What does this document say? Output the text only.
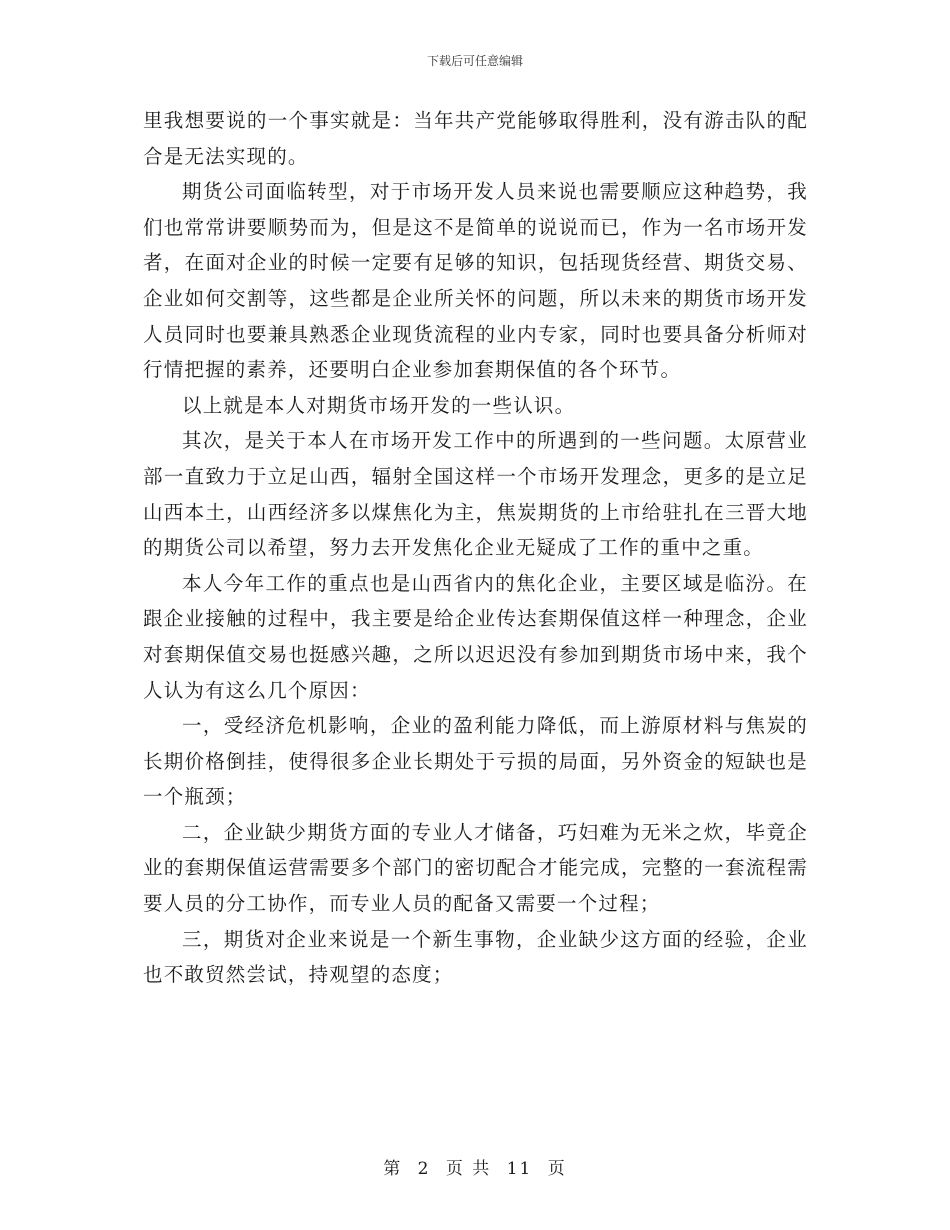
下载后可任意编辑

里我想要说的一个事实就是：当年共产党能够取得胜利，没有游击队的配合是无法实现的。

期货公司面临转型，对于市场开发人员来说也需要顺应这种趋势，我们也常常讲要顺势而为，但是这不是简单的说说而已，作为一名市场开发者，在面对企业的时候一定要有足够的知识，包括现货经营、期货交易、企业如何交割等，这些都是企业所关怀的问题，所以未来的期货市场开发人员同时也要兼具熟悉企业现货流程的业内专家，同时也要具备分析师对行情把握的素养，还要明白企业参加套期保值的各个环节。

以上就是本人对期货市场开发的一些认识。

其次，是关于本人在市场开发工作中的所遇到的一些问题。太原营业部一直致力于立足山西，辐射全国这样一个市场开发理念，更多的是立足山西本土，山西经济多以煤焦化为主，焦炭期货的上市给驻扎在三晋大地的期货公司以希望，努力去开发焦化企业无疑成了工作的重中之重。

本人今年工作的重点也是山西省内的焦化企业，主要区域是临汾。在跟企业接触的过程中，我主要是给企业传达套期保值这样一种理念，企业对套期保值交易也挺感兴趣，之所以迟迟没有参加到期货市场中来，我个人认为有这么几个原因：

一，受经济危机影响，企业的盈利能力降低，而上游原材料与焦炭的长期价格倒挂，使得很多企业长期处于亏损的局面，另外资金的短缺也是一个瓶颈；

二，企业缺少期货方面的专业人才储备，巧妇难为无米之炊，毕竟企业的套期保值运营需要多个部门的密切配合才能完成，完整的一套流程需要人员的分工协作，而专业人员的配备又需要一个过程；

三，期货对企业来说是一个新生事物，企业缺少这方面的经验，企业也不敢贸然尝试，持观望的态度；

第 2 页 共 11 页
